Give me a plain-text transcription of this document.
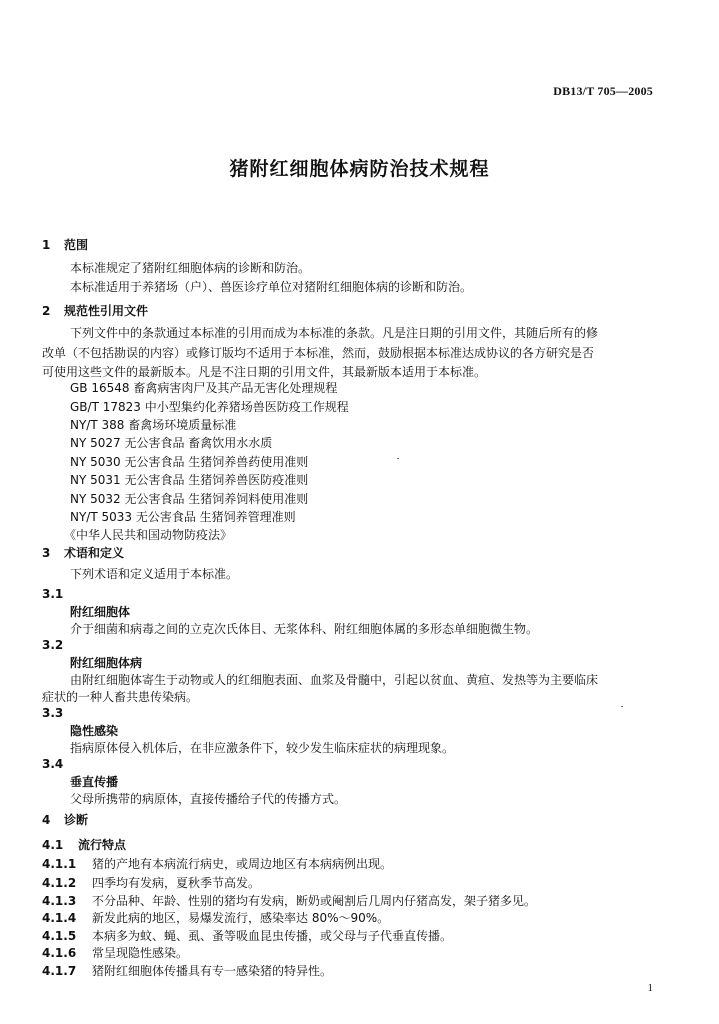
DB13/T 705—2005
猪附红细胞体病防治技术规程
1 范围
本标准规定了猪附红细胞体病的诊断和防治。
本标准适用于养猪场（户）、兽医诊疗单位对猪附红细胞体病的诊断和防治。
2 规范性引用文件
下列文件中的条款通过本标准的引用而成为本标准的条款。凡是注日期的引用文件，其随后所有的修
改单（不包括勘误的内容）或修订版均不适用于本标准，然而，鼓励根据本标准达成协议的各方研究是否
可使用这些文件的最新版本。凡是不注日期的引用文件，其最新版本适用于本标准。
GB 16548 畜禽病害肉尸及其产品无害化处理规程
GB/T 17823 中小型集约化养猪场兽医防疫工作规程
NY/T 388 畜禽场环境质量标准
NY 5027 无公害食品 畜禽饮用水水质
NY 5030 无公害食品 生猪饲养兽药使用准则
NY 5031 无公害食品 生猪饲养兽医防疫准则
NY 5032 无公害食品 生猪饲养饲料使用准则
NY/T 5033 无公害食品 生猪饲养管理准则
《中华人民共和国动物防疫法》
3 术语和定义
下列术语和定义适用于本标准。
3.1
附红细胞体
介于细菌和病毒之间的立克次氏体目、无浆体科、附红细胞体属的多形态单细胞微生物。
3.2
附红细胞体病
由附红细胞体寄生于动物或人的红细胞表面、血浆及骨髓中，引起以贫血、黄疸、发热等为主要临床
症状的一种人畜共患传染病。
3.3
隐性感染
指病原体侵入机体后，在非应激条件下，较少发生临床症状的病理现象。
3.4
垂直传播
父母所携带的病原体，直接传播给子代的传播方式。
4 诊断
4.1 流行特点
4.1.1 猪的产地有本病流行病史，或周边地区有本病病例出现。
4.1.2 四季均有发病，夏秋季节高发。
4.1.3 不分品种、年龄、性别的猪均有发病，断奶或阉割后几周内仔猪高发，架子猪多见。
4.1.4 新发此病的地区，易爆发流行，感染率达 80%～90%。
4.1.5 本病多为蚊、蝇、虱、蚤等吸血昆虫传播，或父母与子代垂直传播。
4.1.6 常呈现隐性感染。
4.1.7 猪附红细胞体传播具有专一感染猪的特异性。
1
